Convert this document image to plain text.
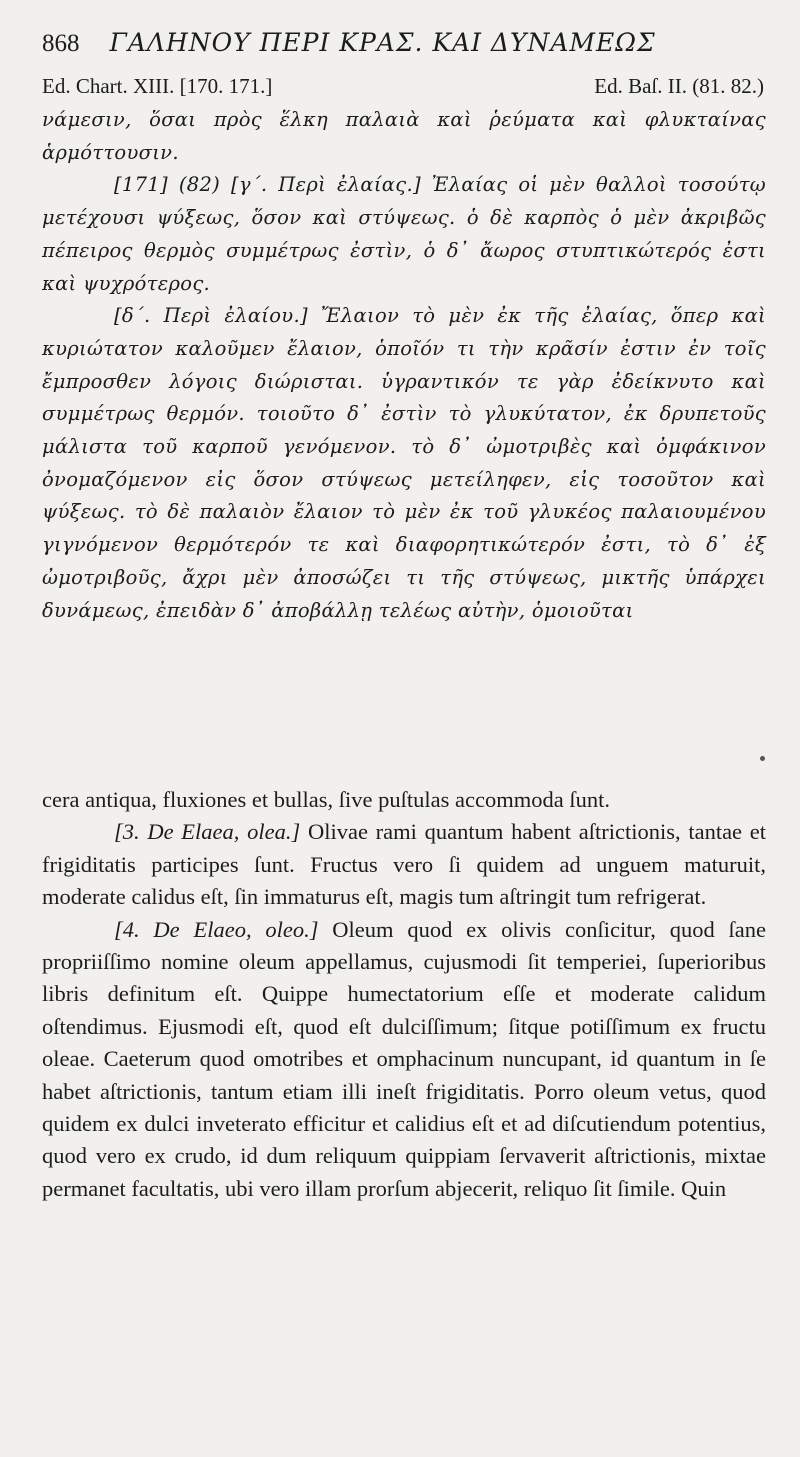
868 ΓΑΛΗΝΟΥ ΠΕΡΙ ΚΡΑΣ. ΚΑΙ ΔΥΝΑΜΕΩΣ
Ed. Chart. XIII. [170. 171.]	Ed. Baſ. II. (81. 82.)

νάμεσιν, ὅσαι πρὸς ἕλκη παλαιὰ καὶ ῥεύματα καὶ φλυκταίνας ἁρμόττουσιν.

[171] (82) [γ΄. Περὶ ἐλαίας.] Ἐλαίας οἱ μὲν θαλλοὶ τοσούτῳ μετέχουσι ψύξεως, ὅσον καὶ στύψεως. ὁ δὲ καρπὸς ὁ μὲν ἀκριβῶς πέπειρος θερμὸς συμμέτρως ἐστὶν, ὁ δ᾽ ἄωρος στυπτικώτερός ἐστι καὶ ψυχρότερος.

[δ΄. Περὶ ἐλαίου.] Ἔλαιον τὸ μὲν ἐκ τῆς ἐλαίας, ὅπερ καὶ κυριώτατον καλοῦμεν ἔλαιον, ὁποῖόν τι τὴν κρᾶσίν ἐστιν ἐν τοῖς ἔμπροσθεν λόγοις διώρισται. ὑγραντικόν τε γὰρ ἐδείκνυτο καὶ συμμέτρως θερμόν. τοιοῦτο δ᾽ ἐστὶν τὸ γλυκύτατον, ἐκ δρυπετοῦς μάλιστα τοῦ καρποῦ γενόμενον. τὸ δ᾽ ὠμοτριβὲς καὶ ὀμφάκινον ὀνομαζόμενον εἰς ὅσον στύψεως μετείληφεν, εἰς τοσοῦτον καὶ ψύξεως. τὸ δὲ παλαιὸν ἔλαιον τὸ μὲν ἐκ τοῦ γλυκέος παλαιουμένου γιγνόμενον θερμότερόν τε καὶ διαφορητικώτερόν ἐστι, τὸ δ᾽ ἐξ ὠμοτριβοῦς, ἄχρι μὲν ἀποσώζει τι τῆς στύψεως, μικτῆς ὑπάρχει δυνάμεως, ἐπειδὰν δ᾽ ἀποβάλλῃ τελέως αὐτὴν, ὁμοιοῦται

cera antiqua, fluxiones et bullas, ſive puſtulas accommoda ſunt.

[3. De Elaea, olea.] Olivae rami quantum habent aſtrictionis, tantae et frigiditatis participes ſunt. Fructus vero ſi quidem ad unguem maturuit, moderate calidus eſt, ſin immaturus eſt, magis tum aſtringit tum refrigerat.

[4. De Elaeo, oleo.] Oleum quod ex olivis conſicitur, quod ſane propriiſſimo nomine oleum appellamus, cujusmodi ſit temperiei, ſuperioribus libris definitum eſt. Quippe humectatorium eſſe et moderate calidum oſtendimus. Ejusmodi eſt, quod eſt dulciſſimum; ſitque potiſſimum ex fructu oleae. Caeterum quod omotribes et omphacinum nuncupant, id quantum in ſe habet aſtrictionis, tantum etiam illi ineſt frigiditatis. Porro oleum vetus, quod quidem ex dulci inveterato efficitur et calidius eſt et ad diſcutiendum potentius, quod vero ex crudo, id dum reliquum quippiam ſervaverit aſtrictionis, mixtae permanet facultatis, ubi vero illam prorſum abjecerit, reliquo ſit ſimile. Quin
